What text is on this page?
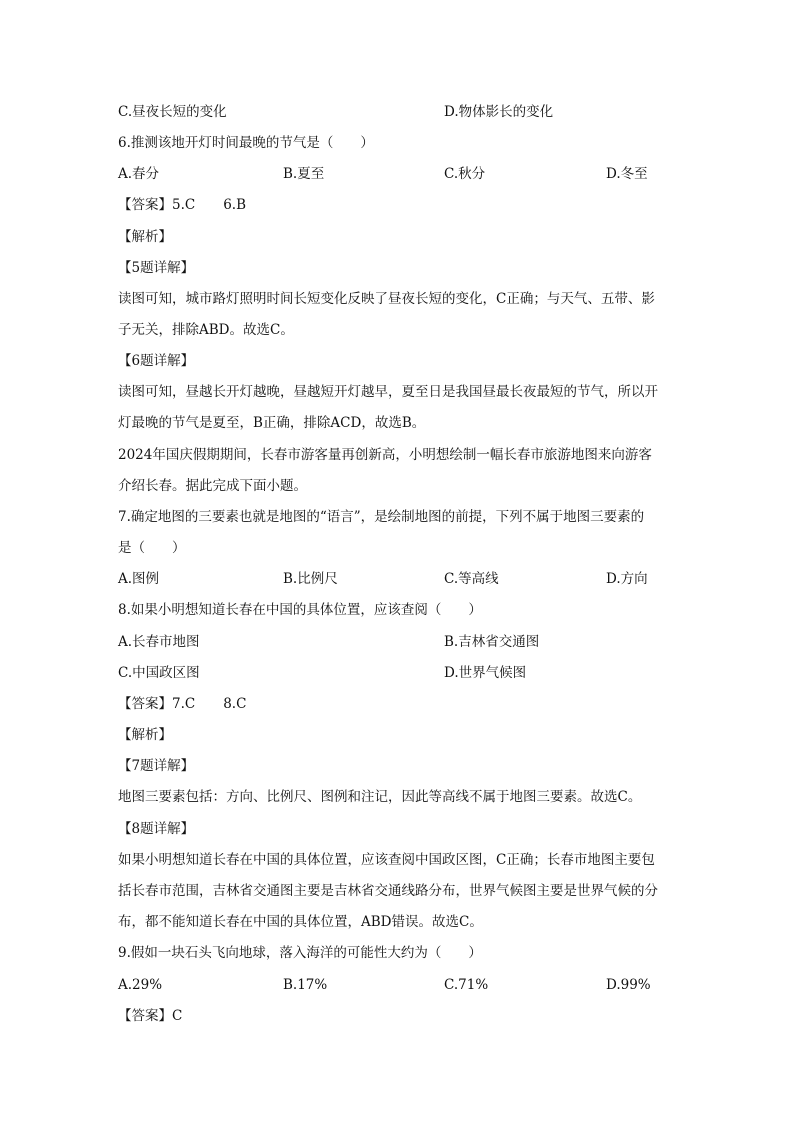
C.昼夜长短的变化	D.物体影长的变化
6.推测该地开灯时间最晚的节气是（　　）
A.春分	B.夏至	C.秋分	D.冬至
【答案】5.C 6.B
【解析】
【5题详解】
读图可知，城市路灯照明时间长短变化反映了昼夜长短的变化，C正确；与天气、五带、影
子无关，排除ABD。故选C。
【6题详解】
读图可知，昼越长开灯越晚，昼越短开灯越早，夏至日是我国昼最长夜最短的节气，所以开
灯最晚的节气是夏至，B正确，排除ACD，故选B。
2024年国庆假期期间，长春市游客量再创新高，小明想绘制一幅长春市旅游地图来向游客
介绍长春。据此完成下面小题。
7.确定地图的三要素也就是地图的“语言”，是绘制地图的前提，下列不属于地图三要素的
是（　　）
A.图例	B.比例尺	C.等高线	D.方向
8.如果小明想知道长春在中国的具体位置，应该查阅（　　）
A.长春市地图	B.吉林省交通图
C.中国政区图	D.世界气候图
【答案】7.C 8.C
【解析】
【7题详解】
地图三要素包括：方向、比例尺、图例和注记，因此等高线不属于地图三要素。故选C。
【8题详解】
如果小明想知道长春在中国的具体位置，应该查阅中国政区图，C正确；长春市地图主要包
括长春市范围，吉林省交通图主要是吉林省交通线路分布，世界气候图主要是世界气候的分
布，都不能知道长春在中国的具体位置，ABD错误。故选C。
9.假如一块石头飞向地球，落入海洋的可能性大约为（　　）
A.29%	B.17%	C.71%	D.99%
【答案】C
